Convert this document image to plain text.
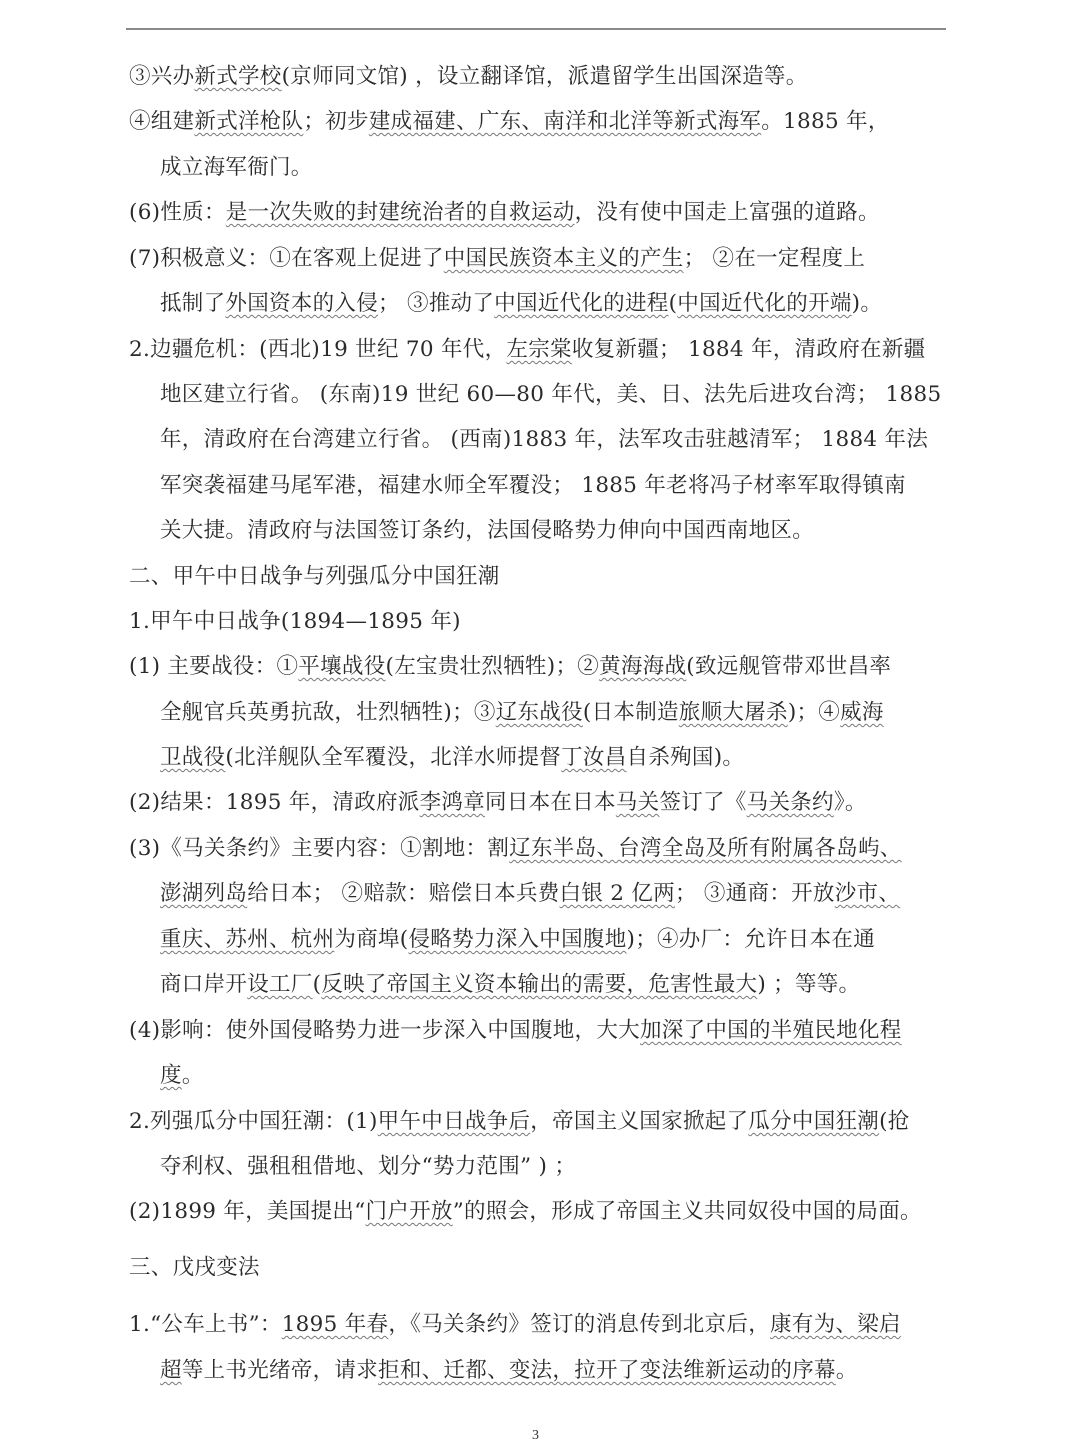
③兴办新式学校(京师同文馆) ，设立翻译馆，派遣留学生出国深造等。
④组建新式洋枪队；初步建成福建、广东、南洋和北洋等新式海军。1885 年，
成立海军衙门。
(6)性质：是一次失败的封建统治者的自救运动，没有使中国走上富强的道路。
(7)积极意义：①在客观上促进了中国民族资本主义的产生； ②在一定程度上
抵制了外国资本的入侵； ③推动了中国近代化的进程(中国近代化的开端)。
2.边疆危机：(西北)19 世纪 70 年代，左宗棠收复新疆； 1884 年，清政府在新疆
地区建立行省。 (东南)19 世纪 60—80 年代，美、日、法先后进攻台湾； 1885
年，清政府在台湾建立行省。 (西南)1883 年，法军攻击驻越清军； 1884 年法
军突袭福建马尾军港，福建水师全军覆没； 1885 年老将冯子材率军取得镇南
关大捷。清政府与法国签订条约，法国侵略势力伸向中国西南地区。
二、甲午中日战争与列强瓜分中国狂潮
1.甲午中日战争(1894—1895 年)
(1) 主要战役：①平壤战役(左宝贵壮烈牺牲)；②黄海海战(致远舰管带邓世昌率
全舰官兵英勇抗敌，壮烈牺牲)；③辽东战役(日本制造旅顺大屠杀)；④威海
卫战役(北洋舰队全军覆没，北洋水师提督丁汝昌自杀殉国)。
(2)结果：1895 年，清政府派李鸿章同日本在日本马关签订了《马关条约》。
(3)《马关条约》主要内容：①割地：割辽东半岛、台湾全岛及所有附属各岛屿、
澎湖列岛给日本； ②赔款：赔偿日本兵费白银 2 亿两； ③通商：开放沙市、
重庆、苏州、杭州为商埠(侵略势力深入中国腹地)；④办厂：允许日本在通
商口岸开设工厂(反映了帝国主义资本输出的需要，危害性最大) ；等等。
(4)影响：使外国侵略势力进一步深入中国腹地，大大加深了中国的半殖民地化程
度。
2.列强瓜分中国狂潮：(1)甲午中日战争后，帝国主义国家掀起了瓜分中国狂潮(抢
夺利权、强租租借地、划分“势力范围” ) ；
(2)1899 年，美国提出“门户开放”的照会，形成了帝国主义共同奴役中国的局面。
三、戊戌变法
1.“公车上书”：1895 年春，《马关条约》签订的消息传到北京后，康有为、梁启
超等上书光绪帝，请求拒和、迁都、变法，拉开了变法维新运动的序幕。
3
